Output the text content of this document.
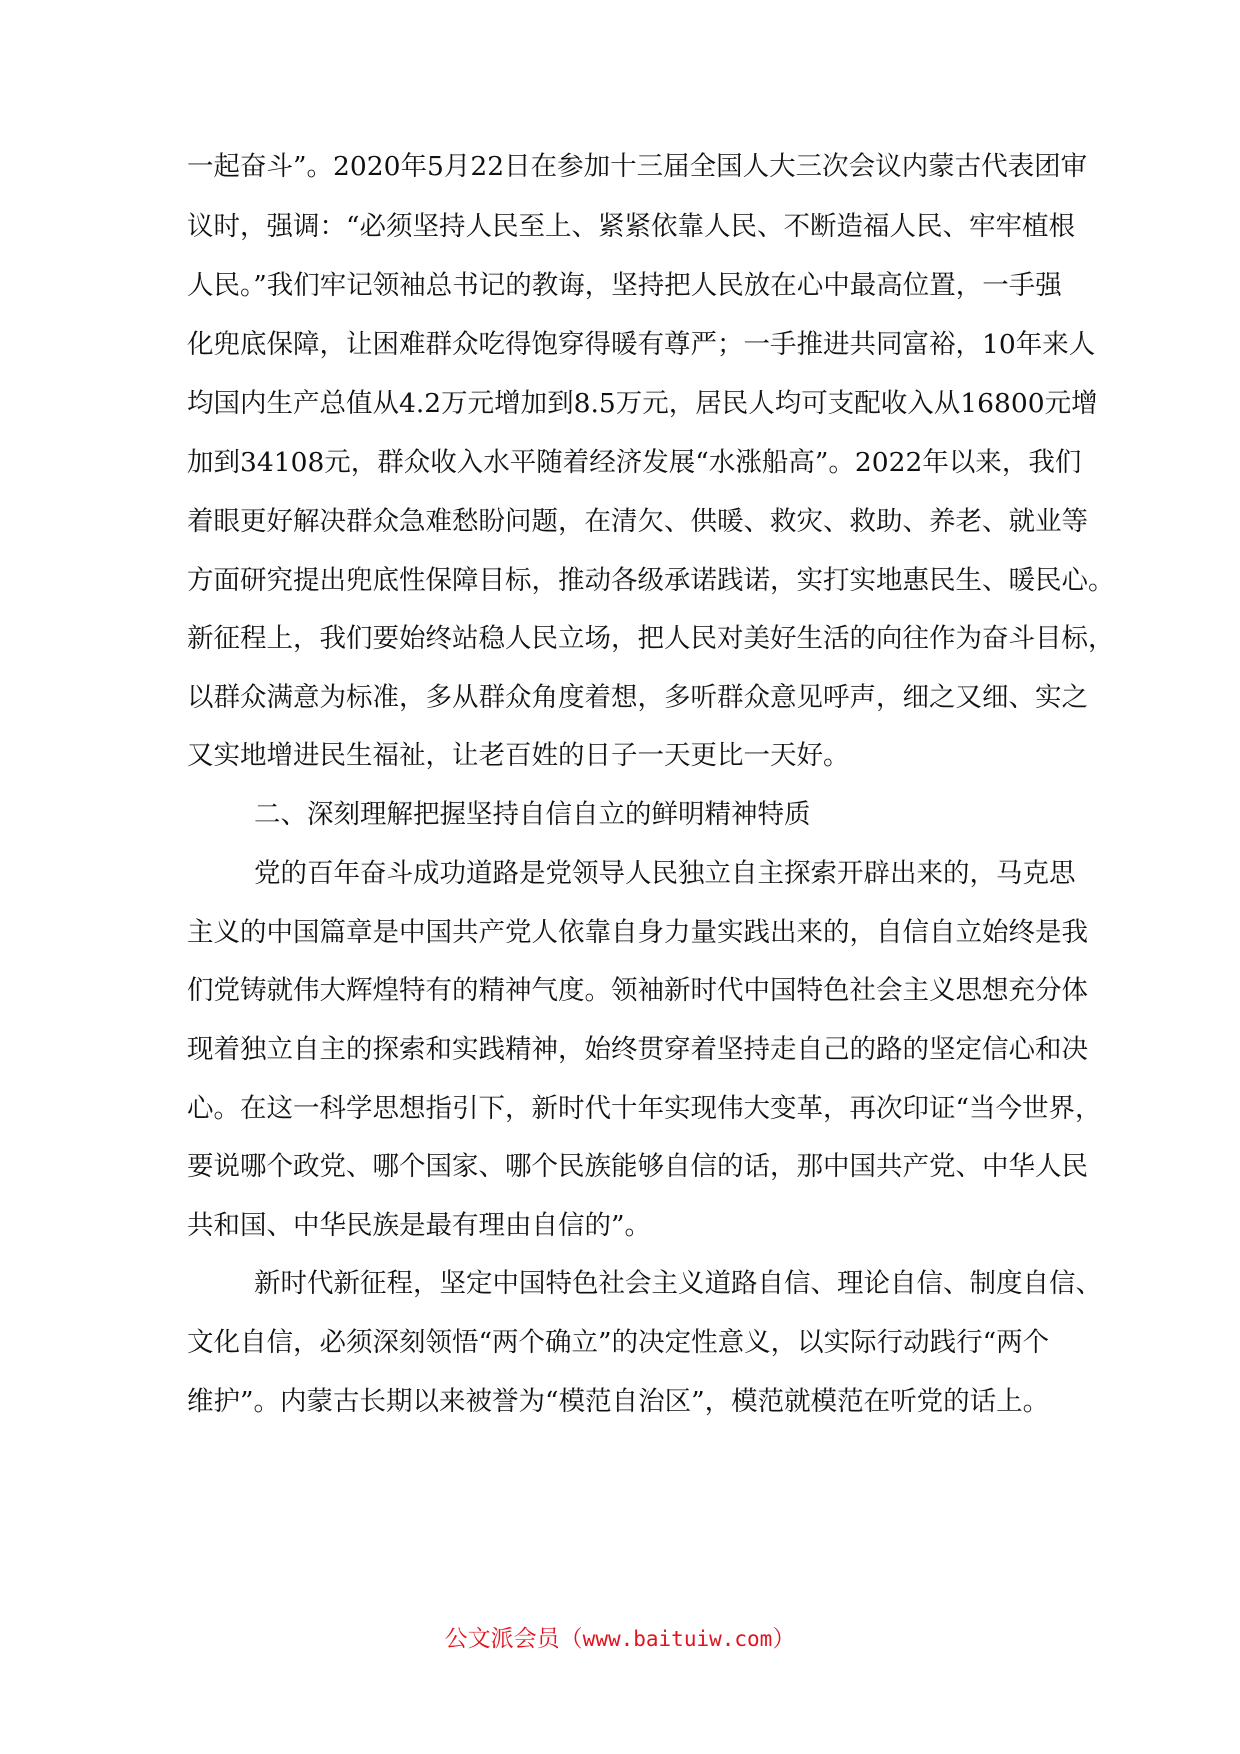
一起奋斗”。2020年5月22日在参加十三届全国人大三次会议内蒙古代表团审
议时，强调：“必须坚持人民至上、紧紧依靠人民、不断造福人民、牢牢植根
人民。”我们牢记领袖总书记的教诲，坚持把人民放在心中最高位置，一手强
化兜底保障，让困难群众吃得饱穿得暖有尊严；一手推进共同富裕，10年来人
均国内生产总值从4.2万元增加到8.5万元，居民人均可支配收入从16800元增
加到34108元，群众收入水平随着经济发展“水涨船高”。2022年以来，我们
着眼更好解决群众急难愁盼问题，在清欠、供暖、救灾、救助、养老、就业等
方面研究提出兜底性保障目标，推动各级承诺践诺，实打实地惠民生、暖民心。
新征程上，我们要始终站稳人民立场，把人民对美好生活的向往作为奋斗目标，
以群众满意为标准，多从群众角度着想，多听群众意见呼声，细之又细、实之
又实地增进民生福祉，让老百姓的日子一天更比一天好。
二、深刻理解把握坚持自信自立的鲜明精神特质
党的百年奋斗成功道路是党领导人民独立自主探索开辟出来的，马克思
主义的中国篇章是中国共产党人依靠自身力量实践出来的，自信自立始终是我
们党铸就伟大辉煌特有的精神气度。领袖新时代中国特色社会主义思想充分体
现着独立自主的探索和实践精神，始终贯穿着坚持走自己的路的坚定信心和决
心。在这一科学思想指引下，新时代十年实现伟大变革，再次印证“当今世界，
要说哪个政党、哪个国家、哪个民族能够自信的话，那中国共产党、中华人民
共和国、中华民族是最有理由自信的”。
新时代新征程，坚定中国特色社会主义道路自信、理论自信、制度自信、
文化自信，必须深刻领悟“两个确立”的决定性意义，以实际行动践行“两个
维护”。内蒙古长期以来被誉为“模范自治区”，模范就模范在听党的话上。
公文派会员（www.baituiw.com）
